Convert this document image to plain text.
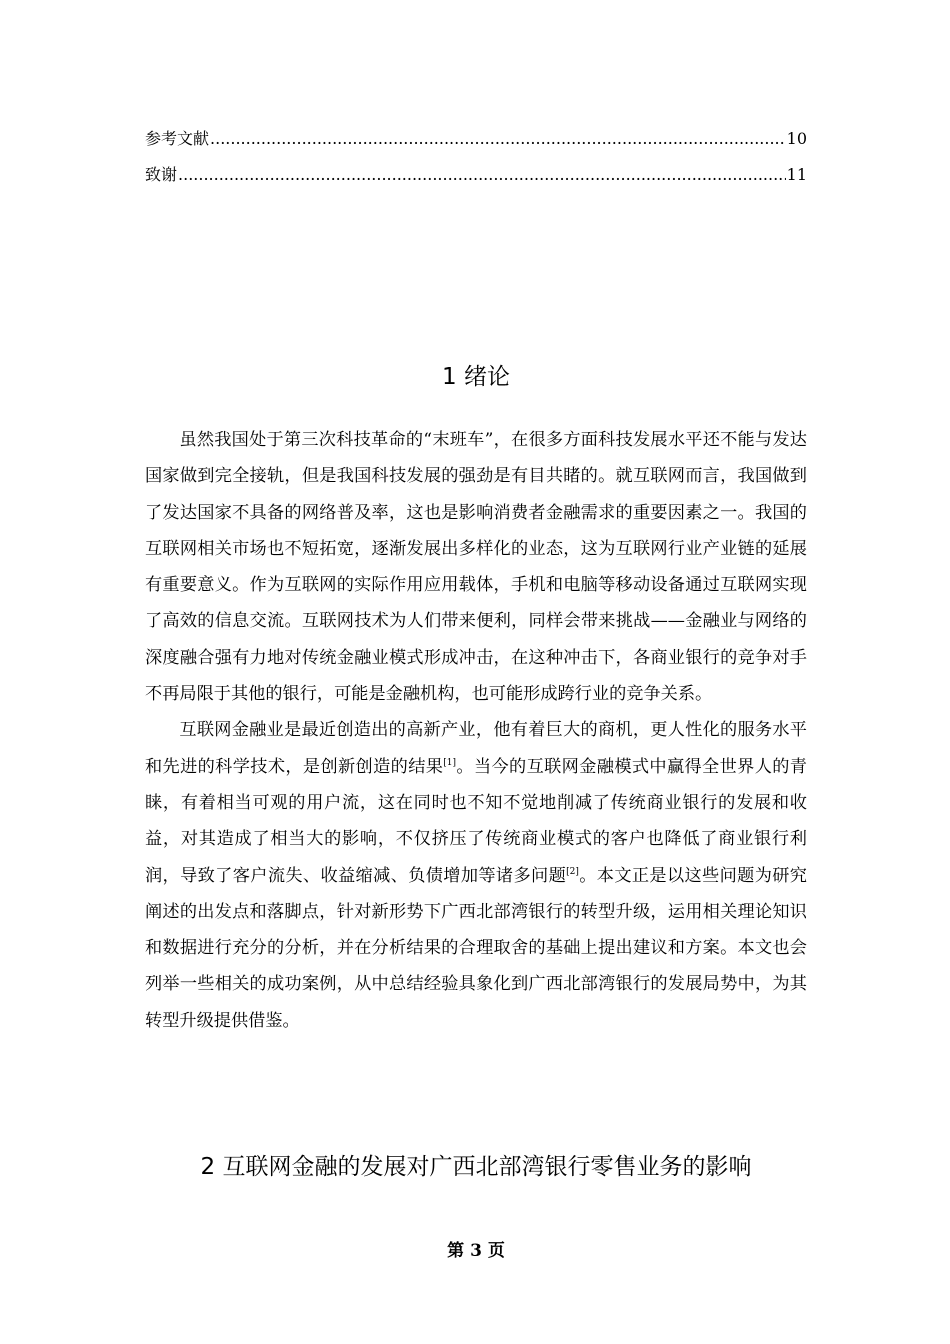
参考文献 .....	10
致谢 .....	11
1 绪论

虽然我国处于第三次科技革命的“末班车”，在很多方面科技发展水平还不能与发达国家做到完全接轨，但是我国科技发展的强劲是有目共睹的。就互联网而言，我国做到了发达国家不具备的网络普及率，这也是影响消费者金融需求的重要因素之一。我国的互联网相关市场也不短拓宽，逐渐发展出多样化的业态，这为互联网行业产业链的延展有重要意义。作为互联网的实际作用应用载体，手机和电脑等移动设备通过互联网实现了高效的信息交流。互联网技术为人们带来便利，同样会带来挑战——金融业与网络的深度融合强有力地对传统金融业模式形成冲击，在这种冲击下，各商业银行的竞争对手不再局限于其他的银行，可能是金融机构，也可能形成跨行业的竞争关系。

互联网金融业是最近创造出的高新产业，他有着巨大的商机，更人性化的服务水平和先进的科学技术，是创新创造的结果[1]。当今的互联网金融模式中赢得全世界人的青睐，有着相当可观的用户流，这在同时也不知不觉地削减了传统商业银行的发展和收益，对其造成了相当大的影响，不仅挤压了传统商业模式的客户也降低了商业银行利润，导致了客户流失、收益缩减、负债增加等诸多问题[2]。本文正是以这些问题为研究阐述的出发点和落脚点，针对新形势下广西北部湾银行的转型升级，运用相关理论知识和数据进行充分的分析，并在分析结果的合理取舍的基础上提出建议和方案。本文也会列举一些相关的成功案例，从中总结经验具象化到广西北部湾银行的发展局势中，为其转型升级提供借鉴。

2 互联网金融的发展对广西北部湾银行零售业务的影响
第 3 页
